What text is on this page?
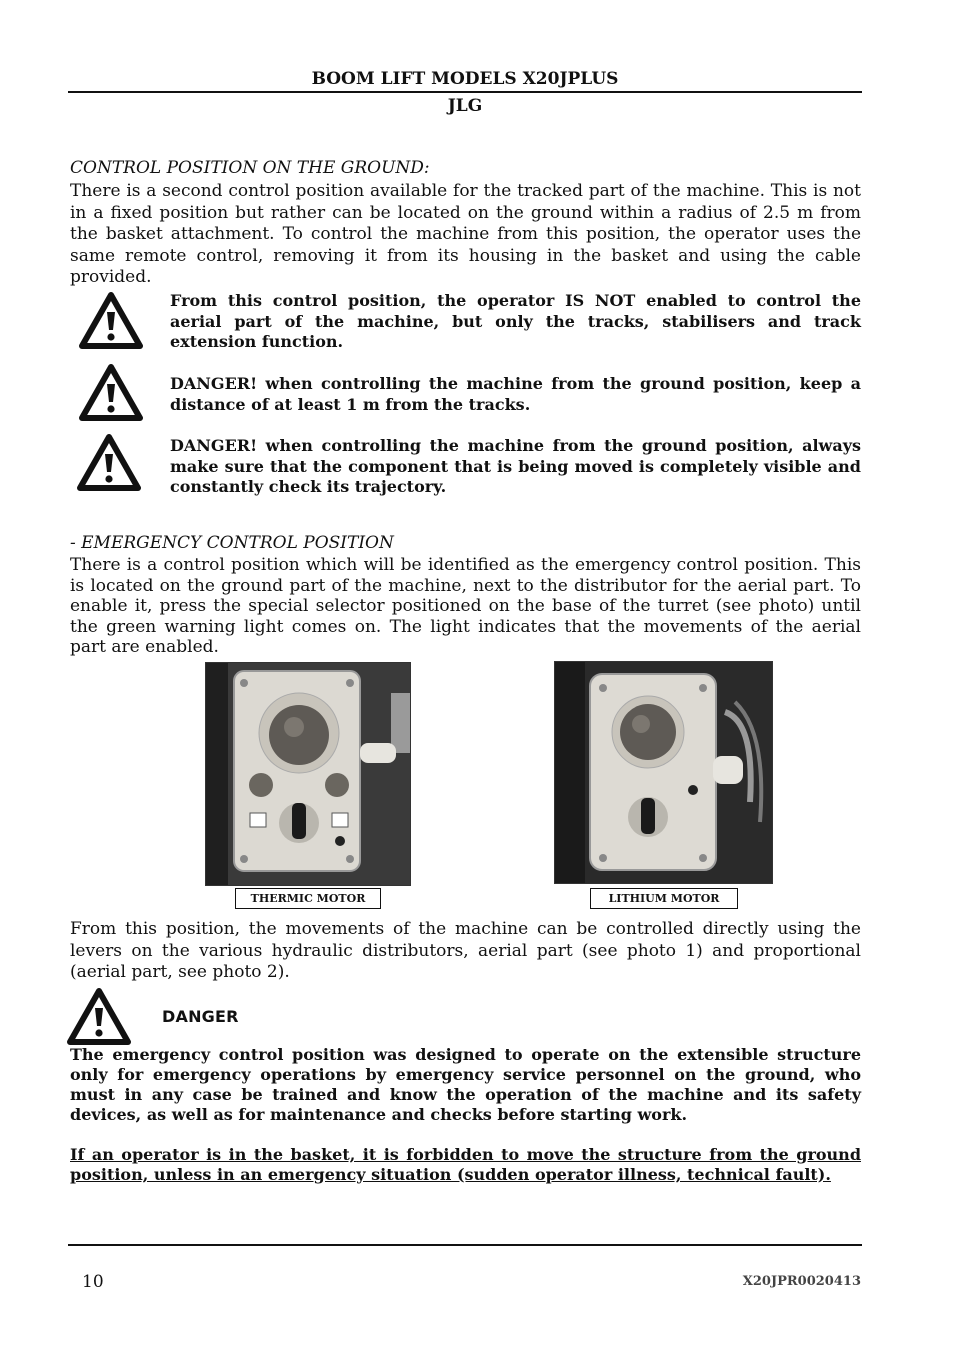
BOOM LIFT MODELS X20JPLUS
JLG
CONTROL POSITION ON THE GROUND:

There is a second control position available for the tracked part of the machine. This is not in a fixed position but rather can be located on the ground within a radius of 2.5 m from the basket attachment. To control the machine from this position, the operator uses the same remote control, removing it from its housing in the basket and using the cable provided.

From this control position, the operator IS NOT enabled to control the aerial part of the machine, but only the tracks, stabilisers and track extension function.

DANGER! when controlling the machine from the ground position, keep a distance of at least 1 m from the tracks.

DANGER! when controlling the machine from the ground position, always make sure that the component that is being moved is completely visible and constantly check its trajectory.

- EMERGENCY CONTROL POSITION

There is a control position which will be identified as the emergency control position. This is located on the ground part of the machine, next to the distributor for the aerial part. To enable it, press the special selector positioned on the base of the turret (see photo) until the green warning light comes on. The light indicates that the movements of the aerial part are enabled.

THERMIC MOTOR	LITHIUM MOTOR

From this position, the movements of the machine can be controlled directly using the levers on the various hydraulic distributors, aerial part (see photo 1) and proportional (aerial part, see photo 2).

DANGER

The emergency control position was designed to operate on the extensible structure only for emergency operations by emergency service personnel on the ground, who must in any case be trained and know the operation of the machine and its safety devices, as well as for maintenance and checks before starting work.

If an operator is in the basket, it is forbidden to move the structure from the ground position, unless in an emergency situation (sudden operator illness, technical fault).

10	X20JPR0020413
